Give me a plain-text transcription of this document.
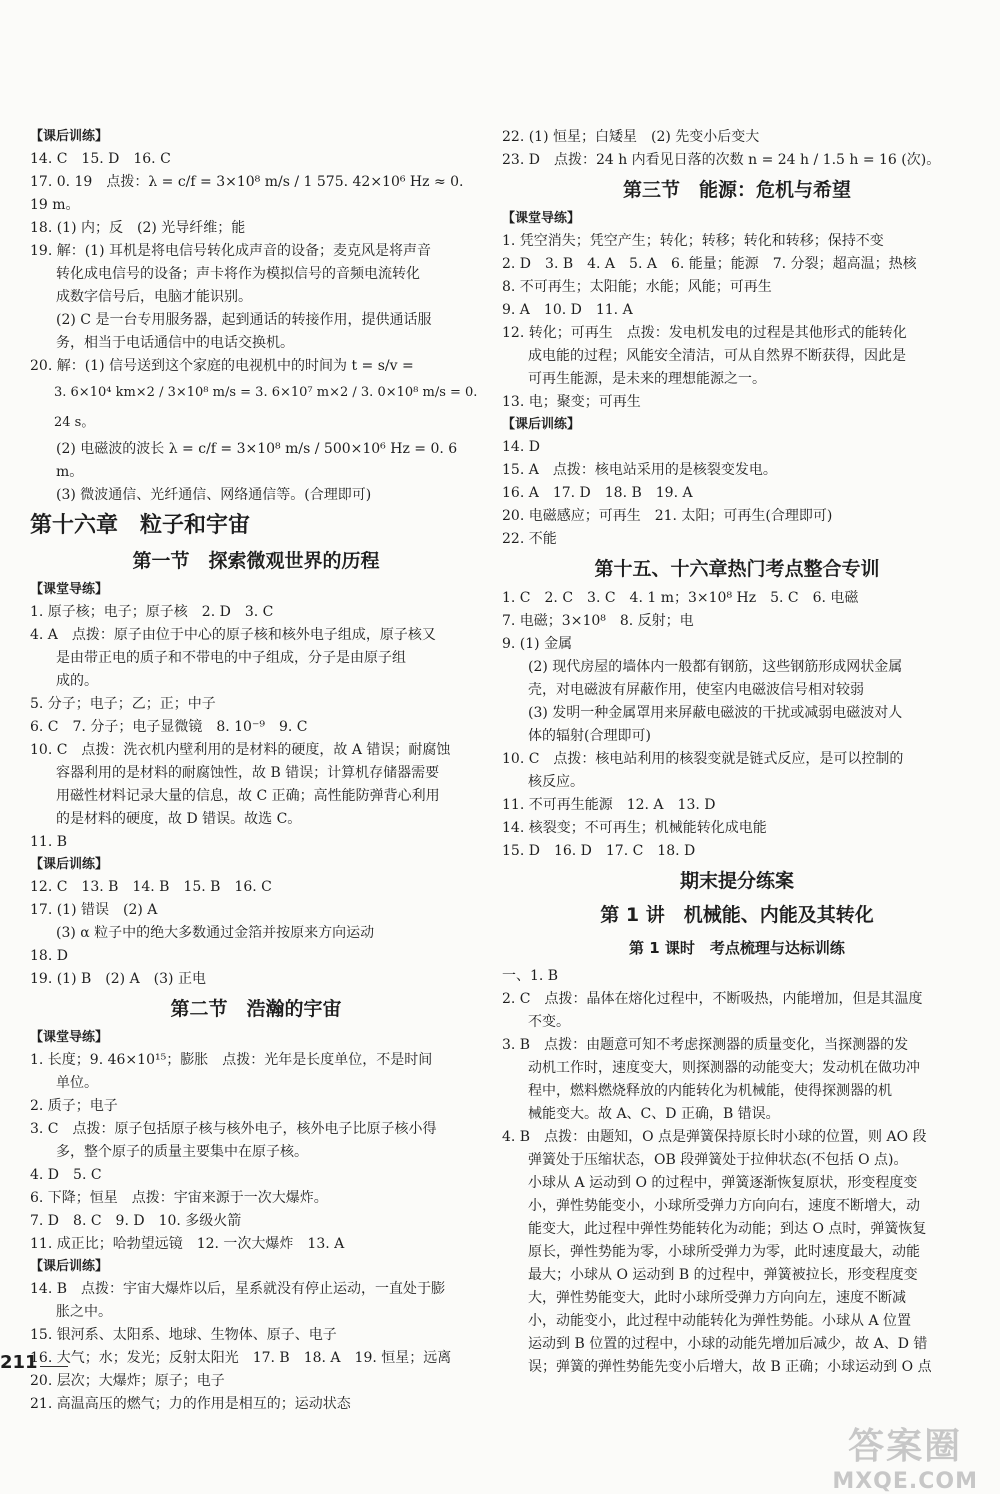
【课后训练】
14. C　15. D　16. C
17. 0. 19　点拨：λ = c/f = 3×10⁸ m/s / 1 575. 42×10⁶ Hz ≈ 0. 19 m。
18. (1) 内；反　(2) 光导纤维；能
19. 解：(1) 耳机是将电信号转化成声音的设备；麦克风是将声音
转化成电信号的设备；声卡将作为模拟信号的音频电流转化
成数字信号后，电脑才能识别。
(2) C 是一台专用服务器，起到通话的转接作用，提供通话服
务，相当于电话通信中的电话交换机。
20. 解：(1) 信号送到这个家庭的电视机中的时间为 t = s/v =
3. 6×10⁴ km×2 / 3×10⁸ m/s = 3. 6×10⁷ m×2 / 3. 0×10⁸ m/s = 0. 24 s。
(2) 电磁波的波长 λ = c/f = 3×10⁸ m/s / 500×10⁶ Hz = 0. 6 m。
(3) 微波通信、光纤通信、网络通信等。(合理即可)
第十六章　粒子和宇宙
第一节　探索微观世界的历程
【课堂导练】
1. 原子核；电子；原子核　2. D　3. C
4. A　点拨：原子由位于中心的原子核和核外电子组成，原子核又
是由带正电的质子和不带电的中子组成，分子是由原子组
成的。
5. 分子；电子；乙；正；中子
6. C　7. 分子；电子显微镜　8. 10⁻⁹　9. C
10. C　点拨：洗衣机内壁利用的是材料的硬度，故 A 错误；耐腐蚀
容器利用的是材料的耐腐蚀性，故 B 错误；计算机存储器需要
用磁性材料记录大量的信息，故 C 正确；高性能防弹背心利用
的是材料的硬度，故 D 错误。故选 C。
11. B
【课后训练】
12. C　13. B　14. B　15. B　16. C
17. (1) 错误　(2) A
(3) α 粒子中的绝大多数通过金箔并按原来方向运动
18. D
19. (1) B　(2) A　(3) 正电
第二节　浩瀚的宇宙
【课堂导练】
1. 长度；9. 46×10¹⁵；膨胀　点拨：光年是长度单位，不是时间
单位。
2. 质子；电子
3. C　点拨：原子包括原子核与核外电子，核外电子比原子核小得
多，整个原子的质量主要集中在原子核。
4. D　5. C
6. 下降；恒星　点拨：宇宙来源于一次大爆炸。
7. D　8. C　9. D　10. 多级火箭
11. 成正比；哈勃望远镜　12. 一次大爆炸　13. A
【课后训练】
14. B　点拨：宇宙大爆炸以后，星系就没有停止运动，一直处于膨
胀之中。
15. 银河系、太阳系、地球、生物体、原子、电子
16. 大气；水；发光；反射太阳光　17. B　18. A　19. 恒星；远离
20. 层次；大爆炸；原子；电子
21. 高温高压的燃气；力的作用是相互的；运动状态
22. (1) 恒星；白矮星　(2) 先变小后变大
23. D　点拨：24 h 内看见日落的次数 n = 24 h / 1.5 h = 16 (次)。
第三节　能源：危机与希望
【课堂导练】
1. 凭空消失；凭空产生；转化；转移；转化和转移；保持不变
2. D　3. B　4. A　5. A　6. 能量；能源　7. 分裂；超高温；热核
8. 不可再生；太阳能；水能；风能；可再生
9. A　10. D　11. A
12. 转化；可再生　点拨：发电机发电的过程是其他形式的能转化
成电能的过程；风能安全清洁，可从自然界不断获得，因此是
可再生能源，是未来的理想能源之一。
13. 电；聚变；可再生
【课后训练】
14. D
15. A　点拨：核电站采用的是核裂变发电。
16. A　17. D　18. B　19. A
20. 电磁感应；可再生　21. 太阳；可再生(合理即可)
22. 不能
第十五、十六章热门考点整合专训
1. C　2. C　3. C　4. 1 m；3×10⁸ Hz　5. C　6. 电磁
7. 电磁；3×10⁸　8. 反射；电
9. (1) 金属
(2) 现代房屋的墙体内一般都有钢筋，这些钢筋形成网状金属
壳，对电磁波有屏蔽作用，使室内电磁波信号相对较弱
(3) 发明一种金属罩用来屏蔽电磁波的干扰或减弱电磁波对人
体的辐射(合理即可)
10. C　点拨：核电站利用的核裂变就是链式反应，是可以控制的
核反应。
11. 不可再生能源　12. A　13. D
14. 核裂变；不可再生；机械能转化成电能
15. D　16. D　17. C　18. D
期末提分练案
第 1 讲　机械能、内能及其转化
第 1 课时　考点梳理与达标训练
一、1. B
2. C　点拨：晶体在熔化过程中，不断吸热，内能增加，但是其温度
不变。
3. B　点拨：由题意可知不考虑探测器的质量变化，当探测器的发
动机工作时，速度变大，则探测器的动能变大；发动机在做功冲
程中，燃料燃烧释放的内能转化为机械能，使得探测器的机
械能变大。故 A、C、D 正确，B 错误。
4. B　点拨：由题知，O 点是弹簧保持原长时小球的位置，则 AO 段
弹簧处于压缩状态，OB 段弹簧处于拉伸状态(不包括 O 点)。
小球从 A 运动到 O 的过程中，弹簧逐渐恢复原状，形变程度变
小，弹性势能变小，小球所受弹力方向向右，速度不断增大，动
能变大，此过程中弹性势能转化为动能；到达 O 点时，弹簧恢复
原长，弹性势能为零，小球所受弹力为零，此时速度最大，动能
最大；小球从 O 运动到 B 的过程中，弹簧被拉长，形变程度变
大，弹性势能变大，此时小球所受弹力方向向左，速度不断减
小，动能变小，此过程中动能转化为弹性势能。小球从 A 位置
运动到 B 位置的过程中，小球的动能先增加后减少，故 A、D 错
误；弹簧的弹性势能先变小后增大，故 B 正确；小球运动到 O 点
211
答案圈
MXQE.COM
